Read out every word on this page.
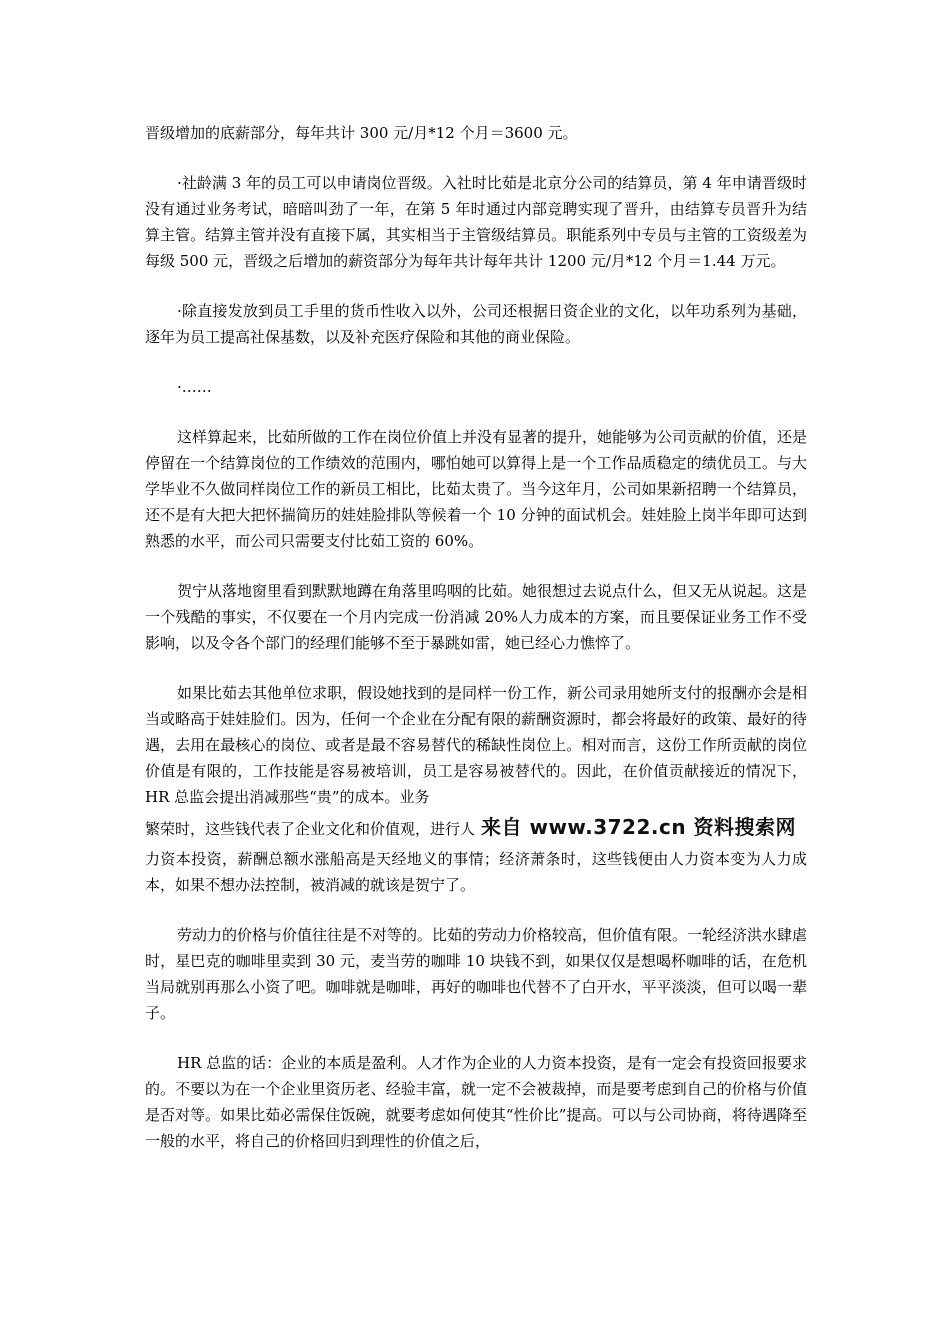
晋级增加的底薪部分，每年共计 300 元/月*12 个月＝3600 元。

·社龄满 3 年的员工可以申请岗位晋级。入社时比茹是北京分公司的结算员，第 4 年申请晋级时没有通过业务考试，暗暗叫劲了一年，在第 5 年时通过内部竞聘实现了晋升，由结算专员晋升为结算主管。结算主管并没有直接下属，其实相当于主管级结算员。职能系列中专员与主管的工资级差为每级 500 元，晋级之后增加的薪资部分为每年共计每年共计 1200 元/月*12 个月＝1.44 万元。

·除直接发放到员工手里的货币性收入以外，公司还根据日资企业的文化，以年功系列为基础，逐年为员工提高社保基数，以及补充医疗保险和其他的商业保险。

·……

这样算起来，比茹所做的工作在岗位价值上并没有显著的提升，她能够为公司贡献的价值，还是停留在一个结算岗位的工作绩效的范围内，哪怕她可以算得上是一个工作品质稳定的绩优员工。与大学毕业不久做同样岗位工作的新员工相比，比茹太贵了。当今这年月，公司如果新招聘一个结算员，还不是有大把大把怀揣简历的娃娃脸排队等候着一个 10 分钟的面试机会。娃娃脸上岗半年即可达到熟悉的水平，而公司只需要支付比茹工资的 60%。

贺宁从落地窗里看到默默地蹲在角落里呜咽的比茹。她很想过去说点什么，但又无从说起。这是一个残酷的事实，不仅要在一个月内完成一份消减 20%人力成本的方案，而且要保证业务工作不受影响，以及令各个部门的经理们能够不至于暴跳如雷，她已经心力憔悴了。

如果比茹去其他单位求职，假设她找到的是同样一份工作，新公司录用她所支付的报酬亦会是相当或略高于娃娃脸们。因为，任何一个企业在分配有限的薪酬资源时，都会将最好的政策、最好的待遇，去用在最核心的岗位、或者是最不容易替代的稀缺性岗位上。相对而言，这份工作所贡献的岗位价值是有限的，工作技能是容易被培训，员工是容易被替代的。因此，在价值贡献接近的情况下，HR 总监会提出消减那些“贵”的成本。业务
繁荣时，这些钱代表了企业文化和价值观，进行人 来自 www.3722.cn 资料搜索网

力资本投资，薪酬总额水涨船高是天经地义的事情；经济萧条时，这些钱便由人力资本变为人力成本，如果不想办法控制，被消减的就该是贺宁了。

劳动力的价格与价值往往是不对等的。比茹的劳动力价格较高，但价值有限。一轮经济洪水肆虐时，星巴克的咖啡里卖到 30 元，麦当劳的咖啡 10 块钱不到，如果仅仅是想喝杯咖啡的话，在危机当局就别再那么小资了吧。咖啡就是咖啡，再好的咖啡也代替不了白开水，平平淡淡，但可以喝一辈子。

HR 总监的话：企业的本质是盈利。人才作为企业的人力资本投资，是有一定会有投资回报要求的。不要以为在一个企业里资历老、经验丰富，就一定不会被裁掉，而是要考虑到自己的价格与价值是否对等。如果比茹必需保住饭碗，就要考虑如何使其“性价比”提高。可以与公司协商，将待遇降至一般的水平，将自己的价格回归到理性的价值之后，
